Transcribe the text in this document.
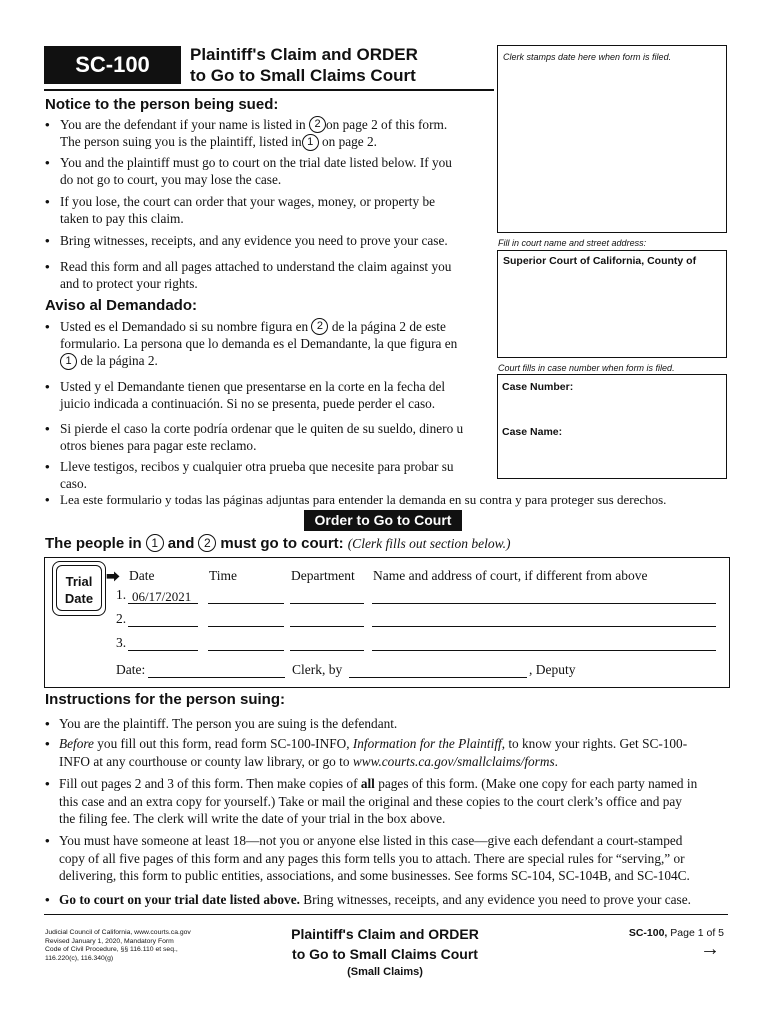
SC-100	Plaintiff's Claim and ORDER
to Go to Small Claims Court
Clerk stamps date here when form is filed.
Fill in court name and street address:
Superior Court of California, County of
Court fills in case number when form is filed.
Case Number:
Case Name:
Notice to the person being sued:
• You are the defendant if your name is listed in 2 on page 2 of this form.
The person suing you is the plaintiff, listed in 1 on page 2.
• You and the plaintiff must go to court on the trial date listed below. If you
do not go to court, you may lose the case.
• If you lose, the court can order that your wages, money, or property be
taken to pay this claim.
• Bring witnesses, receipts, and any evidence you need to prove your case.
• Read this form and all pages attached to understand the claim against you
and to protect your rights.
Aviso al Demandado:
• Usted es el Demandado si su nombre figura en 2 de la página 2 de este
formulario. La persona que lo demanda es el Demandante, la que figura en
1 de la página 2.
• Usted y el Demandante tienen que presentarse en la corte en la fecha del
juicio indicada a continuación. Si no se presenta, puede perder el caso.
• Si pierde el caso la corte podría ordenar que le quiten de su sueldo, dinero u
otros bienes para pagar este reclamo.
• Lleve testigos, recibos y cualquier otra prueba que necesite para probar su
caso.
• Lea este formulario y todas las páginas adjuntas para entender la demanda en su contra y para proteger sus derechos.
Order to Go to Court
The people in 1 and 2 must go to court: (Clerk fills out section below.)
Trial
Date
⮕ Date	Time	Department Name and address of court, if different from above
1. 06/17/2021
2.
3.
Date:	Clerk, by	, Deputy
Instructions for the person suing:
• You are the plaintiff. The person you are suing is the defendant.
• Before you fill out this form, read form SC-100-INFO, Information for the Plaintiff, to know your rights. Get SC-100-
INFO at any courthouse or county law library, or go to www.courts.ca.gov/smallclaims/forms.
• Fill out pages 2 and 3 of this form. Then make copies of all pages of this form. (Make one copy for each party named in
this case and an extra copy for yourself.) Take or mail the original and these copies to the court clerk’s office and pay
the filing fee. The clerk will write the date of your trial in the box above.
• You must have someone at least 18—not you or anyone else listed in this case—give each defendant a court-stamped
copy of all five pages of this form and any pages this form tells you to attach. There are special rules for “serving,” or
delivering, this form to public entities, associations, and some businesses. See forms SC-104, SC-104B, and SC-104C.
• Go to court on your trial date listed above. Bring witnesses, receipts, and any evidence you need to prove your case.
Judicial Council of California, www.courts.ca.gov
Revised January 1, 2020, Mandatory Form
Code of Civil Procedure, §§ 116.110 et seq.,
116.220(c), 116.340(g)
Plaintiff's Claim and ORDER
to Go to Small Claims Court
(Small Claims)
SC-100, Page 1 of 5
→
